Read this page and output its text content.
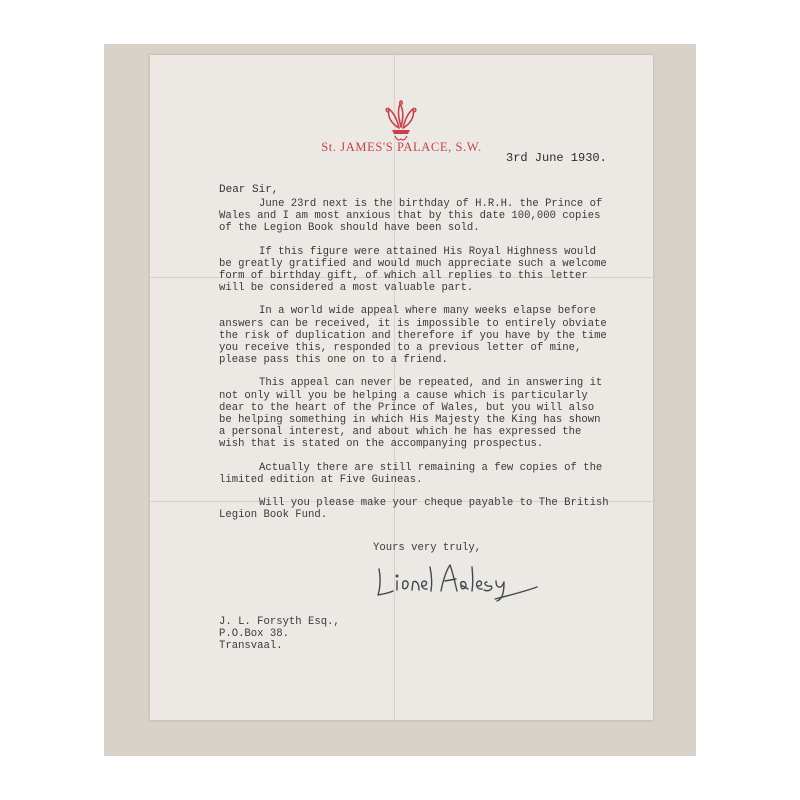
St. JAMES'S PALACE, S.W.
3rd June 1930.
Dear Sir,

June 23rd next is the birthday of H.R.H. the Prince of Wales and I am most anxious that by this date 100,000 copies of the Legion Book should have been sold.

If this figure were attained His Royal Highness would be greatly gratified and would much appreciate such a welcome form of birthday gift, of which all replies to this letter will be considered a most valuable part.

In a world wide appeal where many weeks elapse before answers can be received, it is impossible to entirely obviate the risk of duplication and therefore if you have by the time you receive this, responded to a previous letter of mine, please pass this one on to a friend.

This appeal can never be repeated, and in answering it not only will you be helping a cause which is particularly dear to the heart of the Prince of Wales, but you will also be helping something in which His Majesty the King has shown a personal interest, and about which he has expressed the wish that is stated on the accompanying prospectus.

Actually there are still remaining a few copies of the limited edition at Five Guineas.

Will you please make your cheque payable to The British Legion Book Fund.

Yours very truly,
J. L. Forsyth Esq.,
P.O.Box 38.
Transvaal.
